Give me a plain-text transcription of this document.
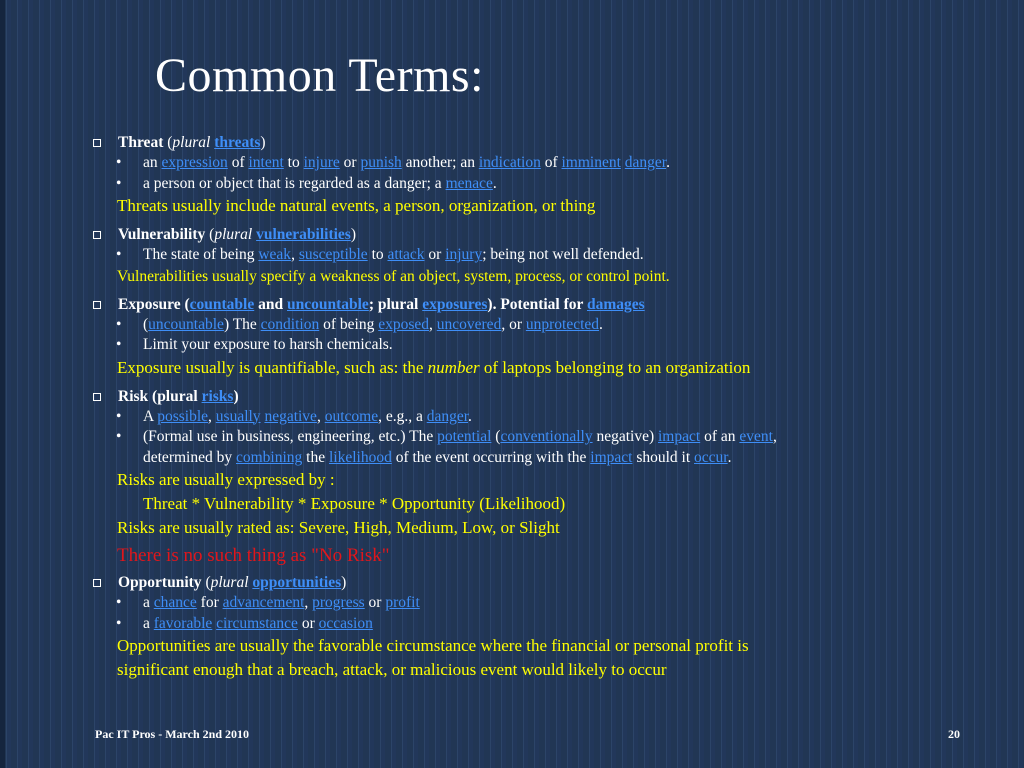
Common Terms:
Threat (plural threats)
• an expression of intent to injure or punish another; an indication of imminent danger.
• a person or object that is regarded as a danger; a menace.
Threats usually include natural events, a person, organization, or thing
Vulnerability (plural vulnerabilities)
• The state of being weak, susceptible to attack or injury; being not well defended.
Vulnerabilities usually specify a weakness of an object, system, process, or control point.
Exposure (countable and uncountable; plural exposures). Potential for damages
• (uncountable) The condition of being exposed, uncovered, or unprotected.
• Limit your exposure to harsh chemicals.
Exposure usually is quantifiable, such as: the number of laptops belonging to an organization
Risk (plural risks)
• A possible, usually negative, outcome, e.g., a danger.
• (Formal use in business, engineering, etc.) The potential (conventionally negative) impact of an event,
determined by combining the likelihood of the event occurring with the impact should it occur.
Risks are usually expressed by :
Threat * Vulnerability * Exposure * Opportunity (Likelihood)
Risks are usually rated as: Severe, High, Medium, Low, or Slight
There is no such thing as "No Risk"
Opportunity (plural opportunities)
• a chance for advancement, progress or profit
• a favorable circumstance or occasion
Opportunities are usually the favorable circumstance where the financial or personal profit is
significant enough that a breach, attack, or malicious event would likely to occur
Pac IT Pros - March 2nd 2010	20
